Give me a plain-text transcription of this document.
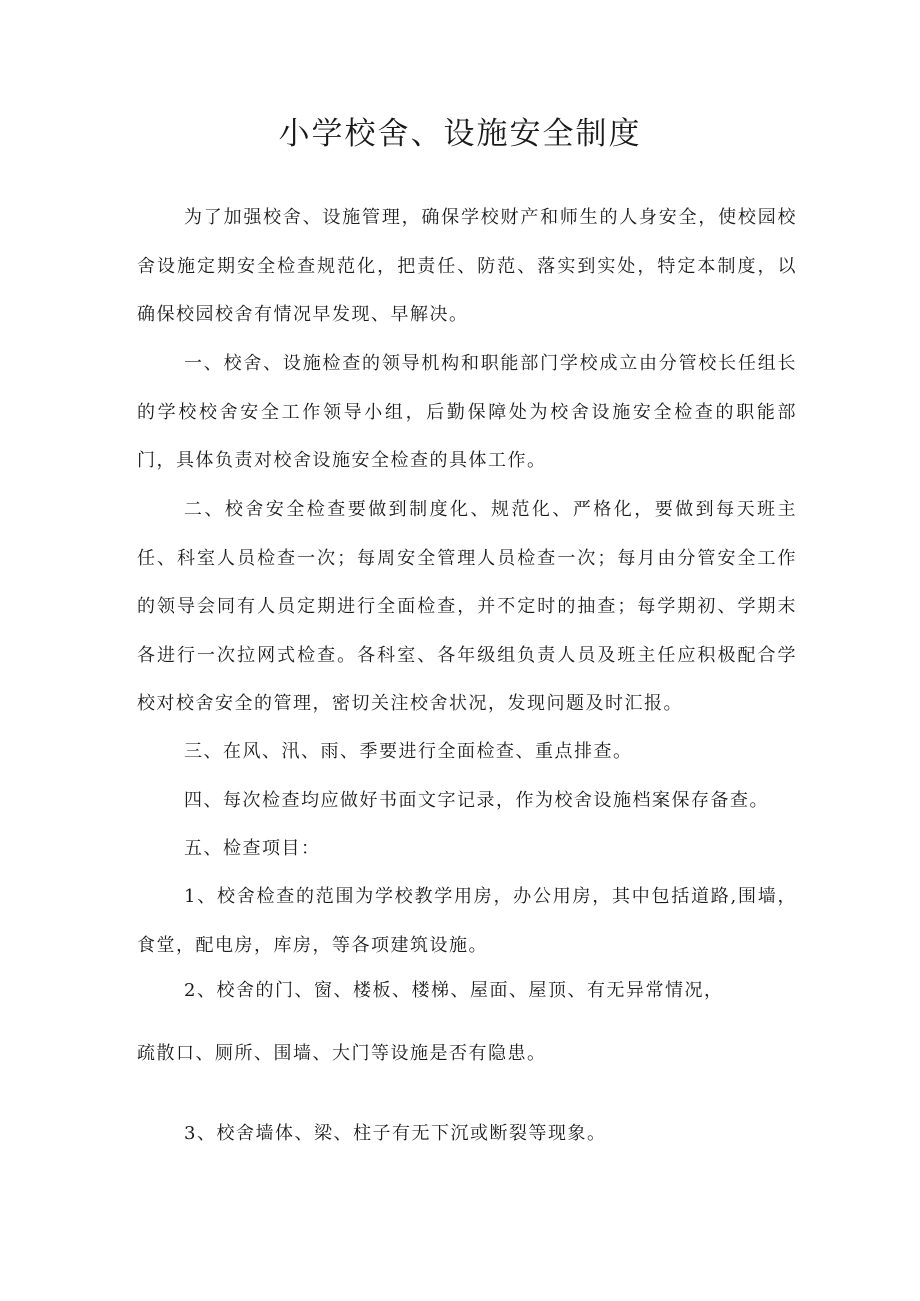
小学校舍、设施安全制度

为了加强校舍、设施管理，确保学校财产和师生的人身安全，使校园校舍设施定期安全检查规范化，把责任、防范、落实到实处，特定本制度，以确保校园校舍有情况早发现、早解决。

一、校舍、设施检查的领导机构和职能部门学校成立由分管校长任组长的学校校舍安全工作领导小组，后勤保障处为校舍设施安全检查的职能部门，具体负责对校舍设施安全检查的具体工作。

二、校舍安全检查要做到制度化、规范化、严格化，要做到每天班主任、科室人员检查一次；每周安全管理人员检查一次；每月由分管安全工作的领导会同有人员定期进行全面检查，并不定时的抽查；每学期初、学期末各进行一次拉网式检查。各科室、各年级组负责人员及班主任应积极配合学校对校舍安全的管理，密切关注校舍状况，发现问题及时汇报。

三、在风、汛、雨、季要进行全面检查、重点排查。

四、每次检查均应做好书面文字记录，作为校舍设施档案保存备查。

五、检查项目：

1、校舍检查的范围为学校教学用房，办公用房，其中包括道路,围墙，食堂，配电房，库房，等各项建筑设施。

2、校舍的门、窗、楼板、楼梯、屋面、屋顶、有无异常情况，

疏散口、厕所、围墙、大门等设施是否有隐患。

3、校舍墙体、梁、柱子有无下沉或断裂等现象。
